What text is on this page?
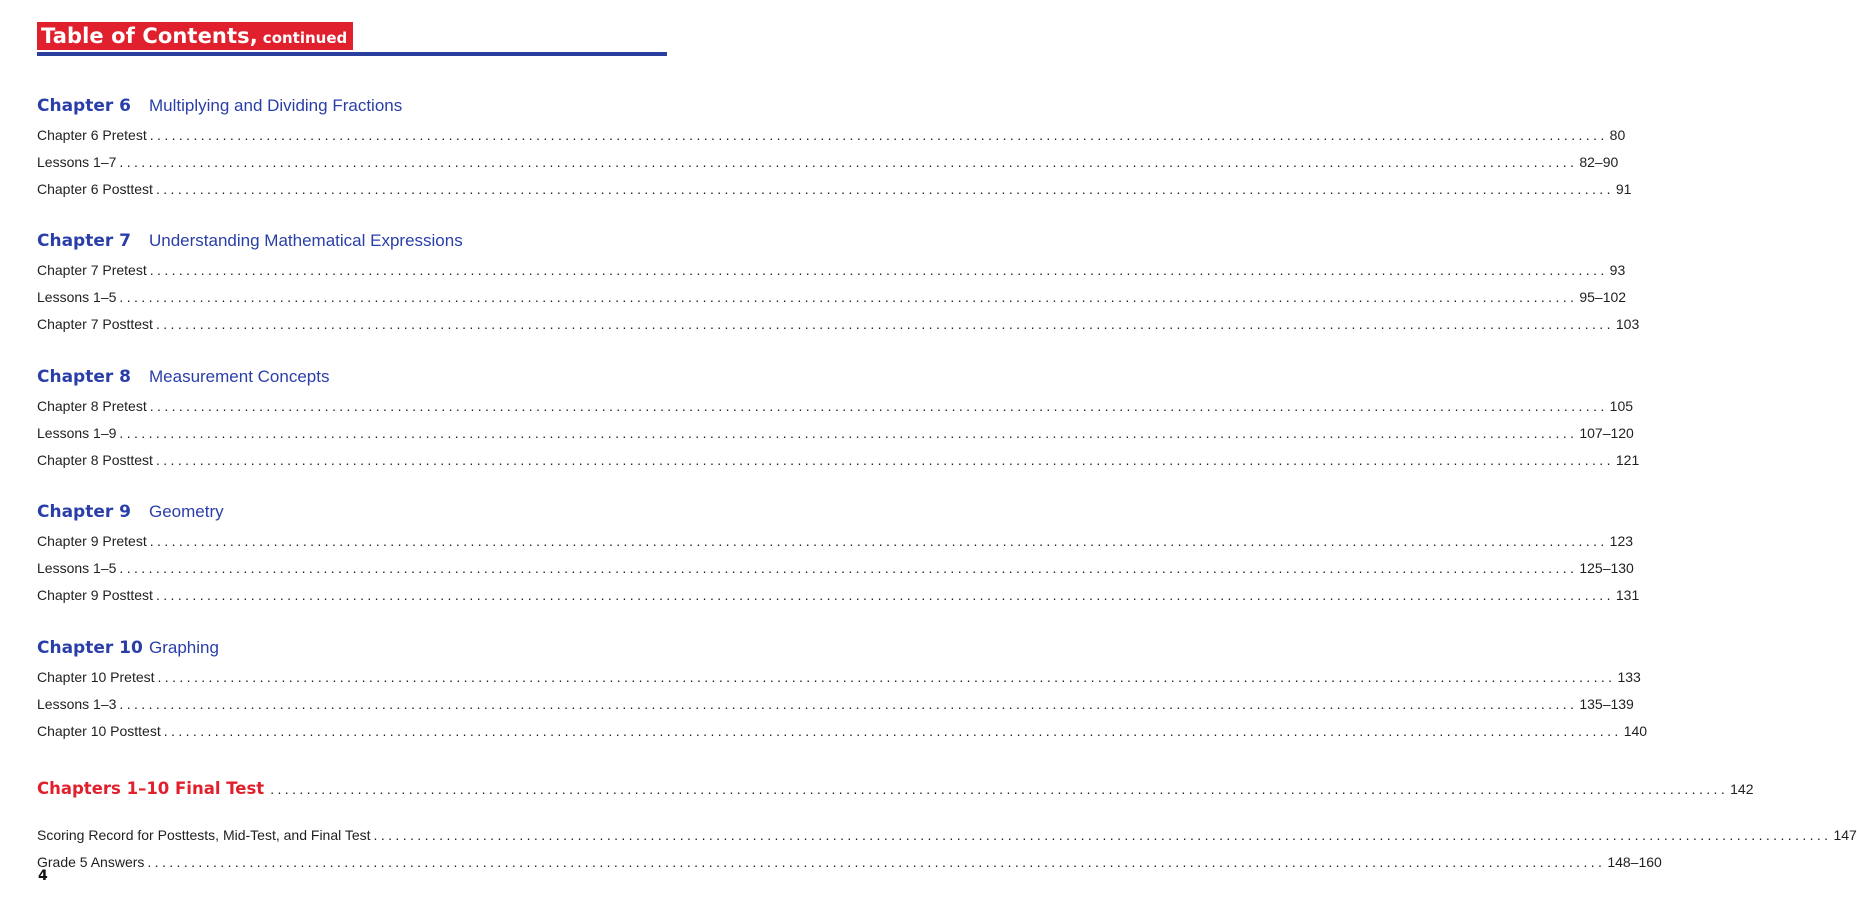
Table of Contents, continued
Chapter 6 Multiplying and Dividing Fractions
Chapter 6 Pretest ........................................................................................................................................................................................................ 80
Lessons 1–7 ........................................................................................................................................................................................................ 82–90
Chapter 6 Posttest ........................................................................................................................................................................................................ 91
Chapter 7 Understanding Mathematical Expressions
Chapter 7 Pretest ........................................................................................................................................................................................................ 93
Lessons 1–5 ........................................................................................................................................................................................................ 95–102
Chapter 7 Posttest ........................................................................................................................................................................................................ 103
Chapter 8 Measurement Concepts
Chapter 8 Pretest ........................................................................................................................................................................................................ 105
Lessons 1–9 ........................................................................................................................................................................................................ 107–120
Chapter 8 Posttest ........................................................................................................................................................................................................ 121
Chapter 9 Geometry
Chapter 9 Pretest ........................................................................................................................................................................................................ 123
Lessons 1–5 ........................................................................................................................................................................................................ 125–130
Chapter 9 Posttest ........................................................................................................................................................................................................ 131
Chapter 10 Graphing
Chapter 10 Pretest ........................................................................................................................................................................................................ 133
Lessons 1–3 ........................................................................................................................................................................................................ 135–139
Chapter 10 Posttest ........................................................................................................................................................................................................ 140
Chapters 1–10 Final Test ........................................................................................................................................................................................................ 142
Scoring Record for Posttests, Mid-Test, and Final Test ........................................................................................................................................................................................................ 147
Grade 5 Answers ........................................................................................................................................................................................................ 148–160
4
